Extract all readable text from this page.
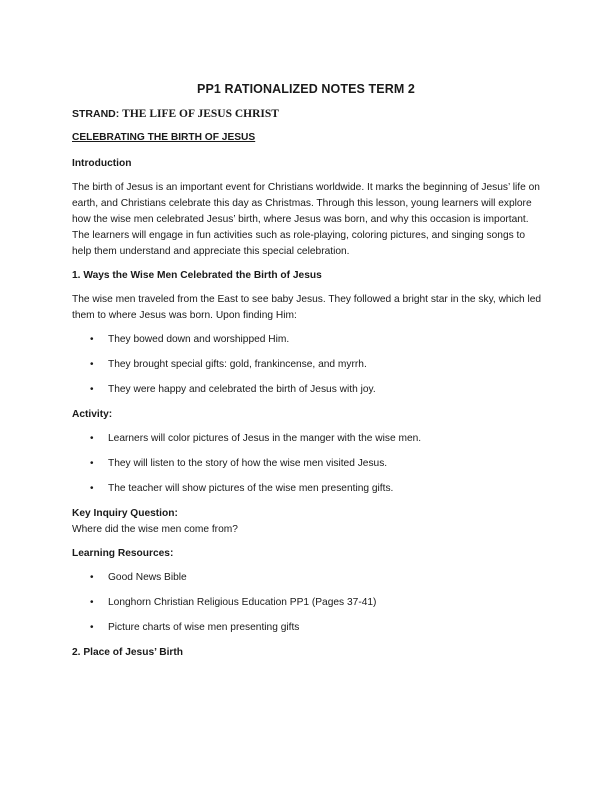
PP1 RATIONALIZED NOTES TERM 2
STRAND: THE LIFE OF JESUS CHRIST
CELEBRATING THE BIRTH OF JESUS
Introduction

The birth of Jesus is an important event for Christians worldwide. It marks the beginning of Jesus’ life on earth, and Christians celebrate this day as Christmas. Through this lesson, young learners will explore how the wise men celebrated Jesus’ birth, where Jesus was born, and why this occasion is important. The learners will engage in fun activities such as role-playing, coloring pictures, and singing songs to help them understand and appreciate this special celebration.

1. Ways the Wise Men Celebrated the Birth of Jesus

The wise men traveled from the East to see baby Jesus. They followed a bright star in the sky, which led them to where Jesus was born. Upon finding Him:

• They bowed down and worshipped Him.
• They brought special gifts: gold, frankincense, and myrrh.
• They were happy and celebrated the birth of Jesus with joy.
Activity:
• Learners will color pictures of Jesus in the manger with the wise men.
• They will listen to the story of how the wise men visited Jesus.
• The teacher will show pictures of the wise men presenting gifts.
Key Inquiry Question:

Where did the wise men come from?

Learning Resources:
• Good News Bible
• Longhorn Christian Religious Education PP1 (Pages 37-41)
• Picture charts of wise men presenting gifts
2. Place of Jesus’ Birth
